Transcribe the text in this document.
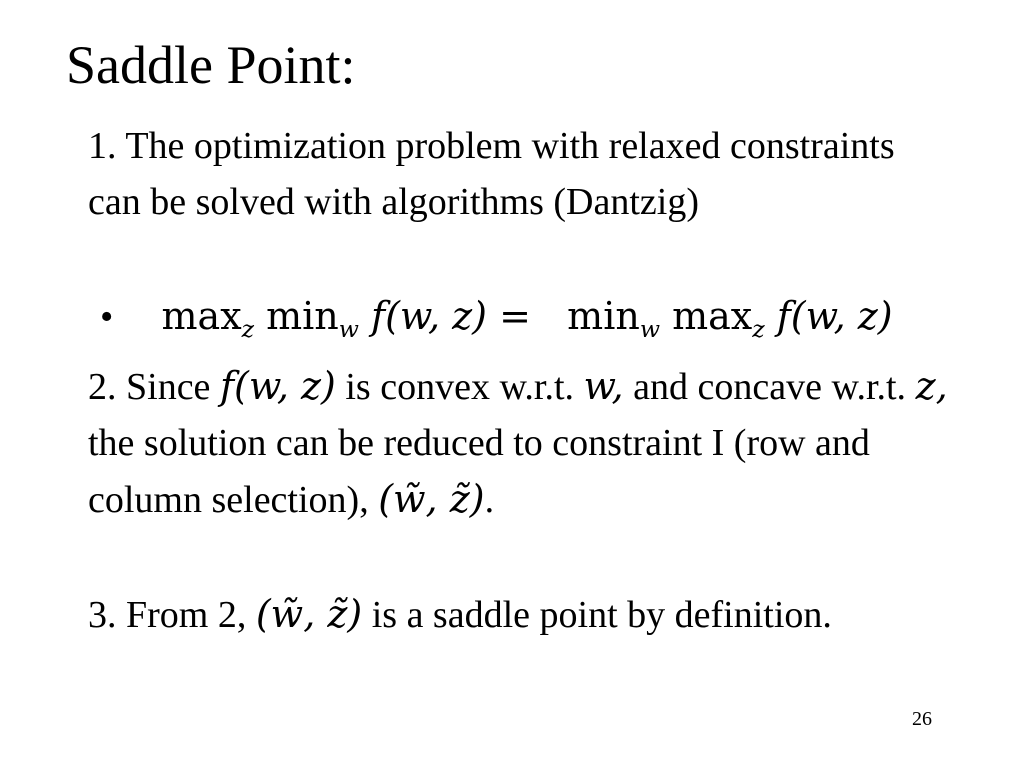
Saddle Point:
1. The optimization problem with relaxed constraints can be solved with algorithms (Dantzig)
• $\max_z \min_w f(w$, $z) = \min_w \max_z f(w$, z)
2. Since f(w, z) is convex w.r.t. w, and concave w.r.t. z, the solution can be reduced to constraint I (row and column selection), (w̃, z̃).
3. From 2, (w̃, z̃) is a saddle point by definition.
26
